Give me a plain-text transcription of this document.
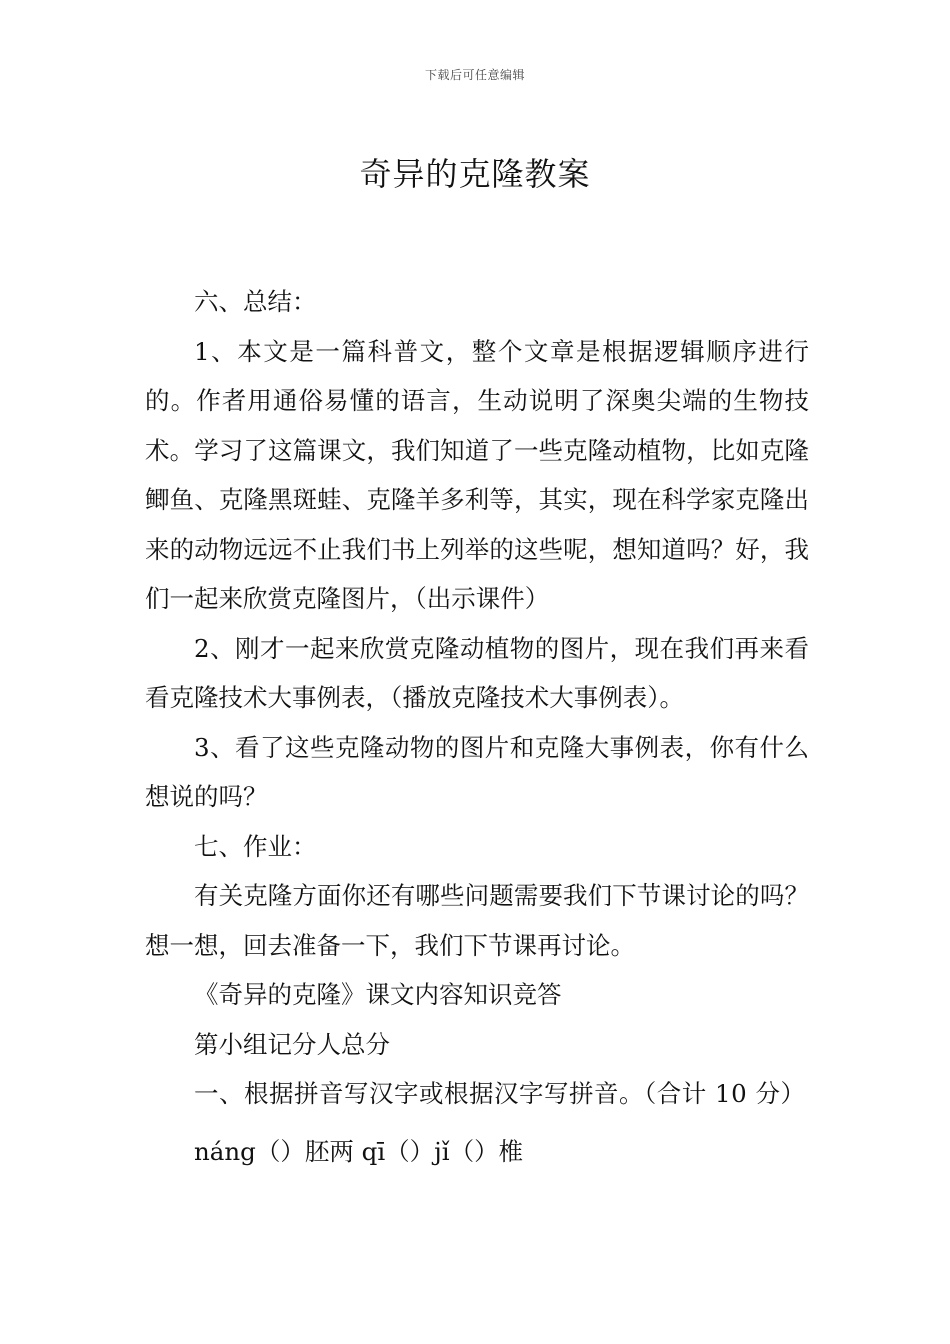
下载后可任意编辑
奇异的克隆教案

六、总结：

1、本文是一篇科普文，整个文章是根据逻辑顺序进行的。作者用通俗易懂的语言，生动说明了深奥尖端的生物技术。学习了这篇课文，我们知道了一些克隆动植物，比如克隆鲫鱼、克隆黑斑蛙、克隆羊多利等，其实，现在科学家克隆出来的动物远远不止我们书上列举的这些呢，想知道吗？好，我们一起来欣赏克隆图片，（出示课件）

2、刚才一起来欣赏克隆动植物的图片，现在我们再来看看克隆技术大事例表，（播放克隆技术大事例表）。

3、看了这些克隆动物的图片和克隆大事例表，你有什么想说的吗？

七、作业：

有关克隆方面你还有哪些问题需要我们下节课讨论的吗？想一想，回去准备一下，我们下节课再讨论。

《奇异的克隆》课文内容知识竞答

第小组记分人总分

一、根据拼音写汉字或根据汉字写拼音。（合计 10 分）

náng（）胚两 qī（）jǐ（）椎
